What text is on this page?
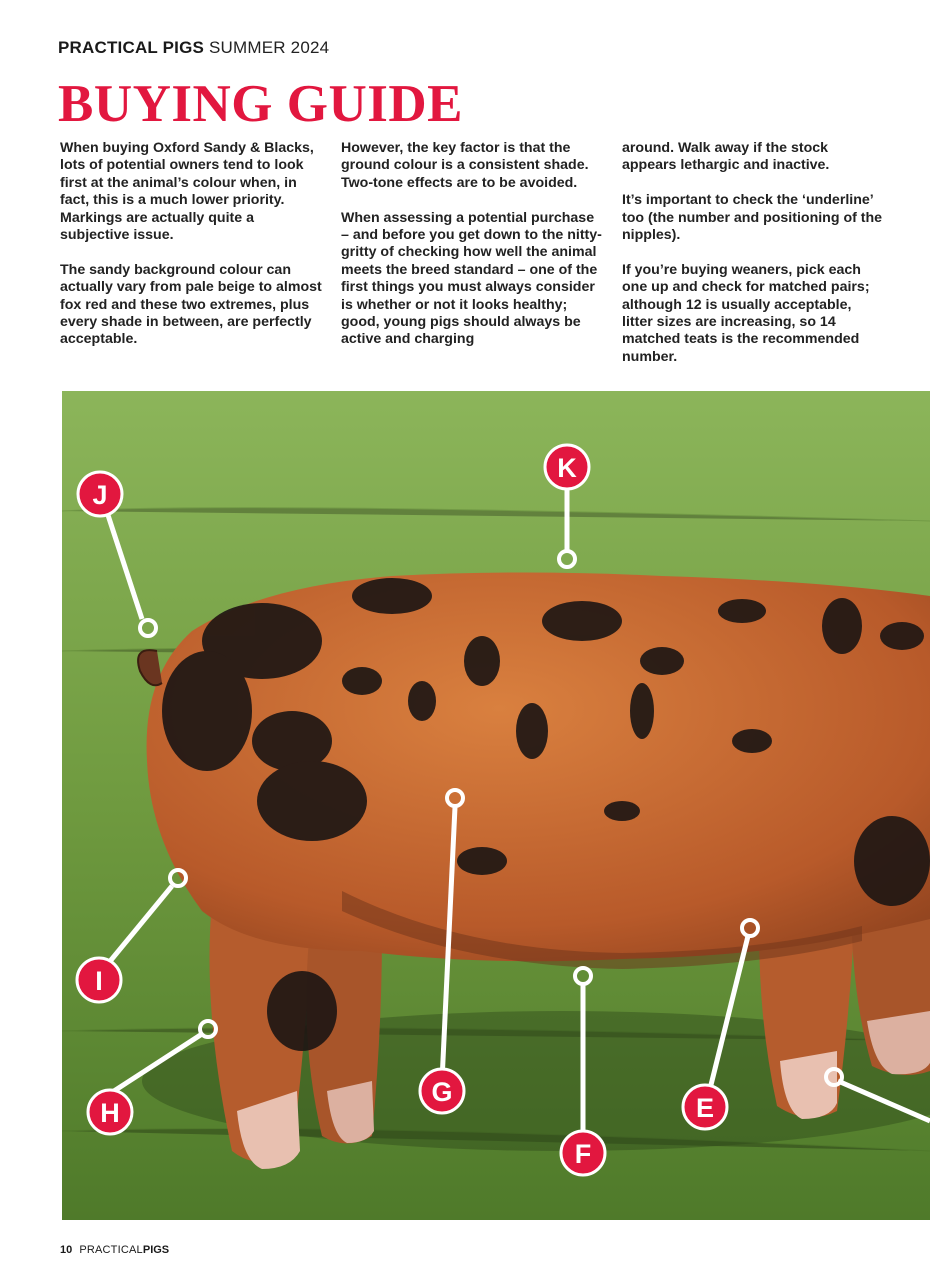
PRACTICAL PIGS SUMMER 2024
BUYING GUIDE

When buying Oxford Sandy & Blacks, lots of potential owners tend to look first at the animal’s colour when, in fact, this is a much lower priority. Markings are actually quite a subjective issue.

The sandy background colour can actually vary from pale beige to almost fox red and these two extremes, plus every shade in between, are perfectly acceptable.

However, the key factor is that the ground colour is a consistent shade. Two-tone effects are to be avoided.

When assessing a potential purchase – and before you get down to the nitty-gritty of checking how well the animal meets the breed standard – one of the first things you must always consider is whether or not it looks healthy; good, young pigs should always be active and charging

around. Walk away if the stock appears lethargic and inactive.

It’s important to check the ‘underline’ too (the number and positioning of the nipples).

If you’re buying weaners, pick each one up and check for matched pairs; although 12 is usually acceptable, litter sizes are increasing, so 14 matched teats is the recommended number.

J
K
I
H
G
F
E
10 PRACTICALPIGS
